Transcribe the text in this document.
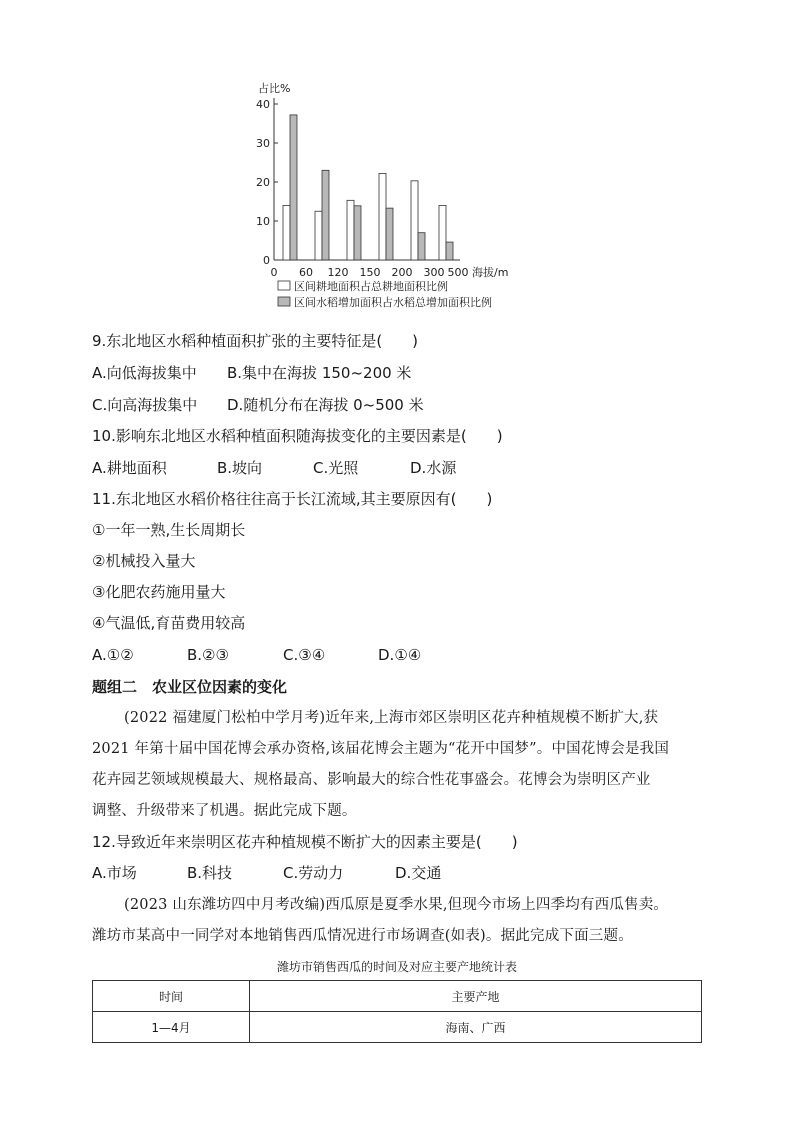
占比%
40
30
20
10
0
0 60 120 150 200 300 500 海拔/m
区间耕地面积占总耕地面积比例
区间水稻增加面积占水稻总增加面积比例
9.东北地区水稻种植面积扩张的主要特征是(　　)
A.向低海拔集中 B.集中在海拔 150~200 米
C.向高海拔集中 D.随机分布在海拔 0~500 米
10.影响东北地区水稻种植面积随海拔变化的主要因素是(　　)
A.耕地面积	B.坡向	C.光照	D.水源
11.东北地区水稻价格往往高于长江流域,其主要原因有(　　)
①一年一熟,生长周期长
②机械投入量大
③化肥农药施用量大
④气温低,育苗费用较高
A.①②	B.②③	C.③④	D.①④
题组二　农业区位因素的变化
(2022 福建厦门松柏中学月考)近年来,上海市郊区崇明区花卉种植规模不断扩大,获
2021 年第十届中国花博会承办资格,该届花博会主题为“花开中国梦”。中国花博会是我国
花卉园艺领域规模最大、规格最高、影响最大的综合性花事盛会。花博会为崇明区产业
调整、升级带来了机遇。据此完成下题。
12.导致近年来崇明区花卉种植规模不断扩大的因素主要是(　　)
A.市场	B.科技	C.劳动力	D.交通
(2023 山东潍坊四中月考改编)西瓜原是夏季水果,但现今市场上四季均有西瓜售卖。
潍坊市某高中一同学对本地销售西瓜情况进行市场调查(如表)。据此完成下面三题。
潍坊市销售西瓜的时间及对应主要产地统计表
时间	主要产地
1—4月	海南、广西
